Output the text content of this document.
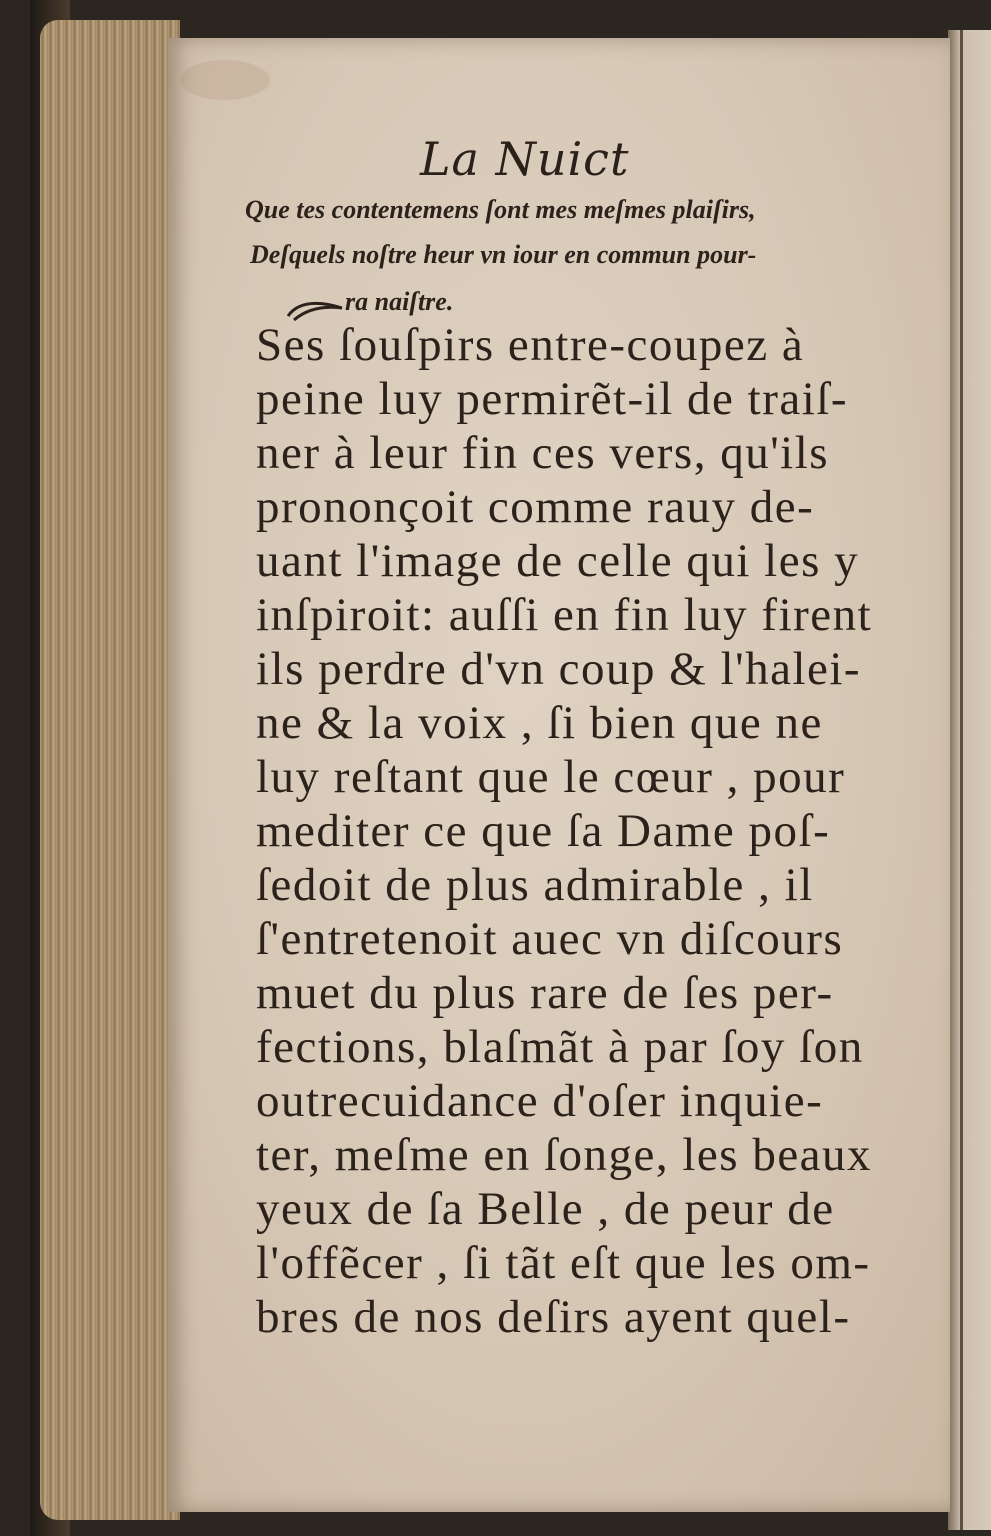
La Nuict
Que tes contentemens ſont mes meſmes plaiſirs,
Deſquels noſtre heur vn iour en commun pour-
ra naiſtre.
Ses ſouſpirs entre-coupez à
peine luy permirẽt-il de traiſ-
ner à leur fin ces vers, qu'ils
prononçoit comme rauy de-
uant l'image de celle qui les y
inſpiroit: auſſi en fin luy firent
ils perdre d'vn coup & l'halei-
ne & la voix , ſi bien que ne
luy reſtant que le cœur , pour
mediter ce que ſa Dame poſ-
ſedoit de plus admirable , il
ſ'entretenoit auec vn diſcours
muet du plus rare de ſes per-
fections, blaſmãt à par ſoy ſon
outrecuidance d'oſer inquie-
ter, meſme en ſonge, les beaux
yeux de ſa Belle , de peur de
l'offẽcer , ſi tãt eſt que les om-
bres de nos deſirs ayent quel-
